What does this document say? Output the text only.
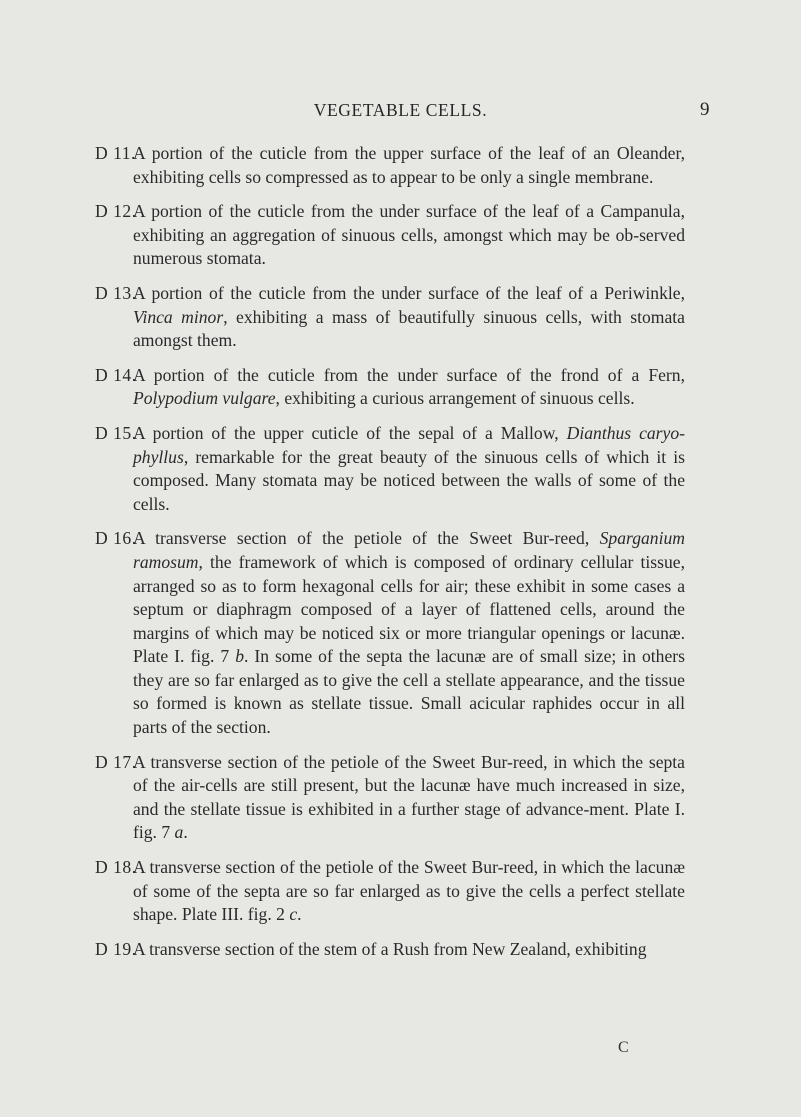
VEGETABLE CELLS.	9
D 11.
A portion of the cuticle from the upper surface of the leaf of an Oleander, exhibiting cells so compressed as to appear to be only a single membrane.
D 12.
A portion of the cuticle from the under surface of the leaf of a Campanula, exhibiting an aggregation of sinuous cells, amongst which may be ob-served numerous stomata.
D 13.
A portion of the cuticle from the under surface of the leaf of a Periwinkle, Vinca minor, exhibiting a mass of beautifully sinuous cells, with stomata amongst them.
D 14.
A portion of the cuticle from the under surface of the frond of a Fern, Polypodium vulgare, exhibiting a curious arrangement of sinuous cells.
D 15.
A portion of the upper cuticle of the sepal of a Mallow, Dianthus caryo-phyllus, remarkable for the great beauty of the sinuous cells of which it is composed. Many stomata may be noticed between the walls of some of the cells.
D 16.
A transverse section of the petiole of the Sweet Bur-reed, Sparganium ramosum, the framework of which is composed of ordinary cellular tissue, arranged so as to form hexagonal cells for air; these exhibit in some cases a septum or diaphragm composed of a layer of flattened cells, around the margins of which may be noticed six or more triangular openings or lacunæ. Plate I. fig. 7 b. In some of the septa the lacunæ are of small size; in others they are so far enlarged as to give the cell a stellate appearance, and the tissue so formed is known as stellate tissue. Small acicular raphides occur in all parts of the section.
D 17.
A transverse section of the petiole of the Sweet Bur-reed, in which the septa of the air-cells are still present, but the lacunæ have much increased in size, and the stellate tissue is exhibited in a further stage of advance-ment. Plate I. fig. 7 a.
D 18.
A transverse section of the petiole of the Sweet Bur-reed, in which the lacunæ of some of the septa are so far enlarged as to give the cells a perfect stellate shape. Plate III. fig. 2 c.
D 19.
A transverse section of the stem of a Rush from New Zealand, exhibiting
C
